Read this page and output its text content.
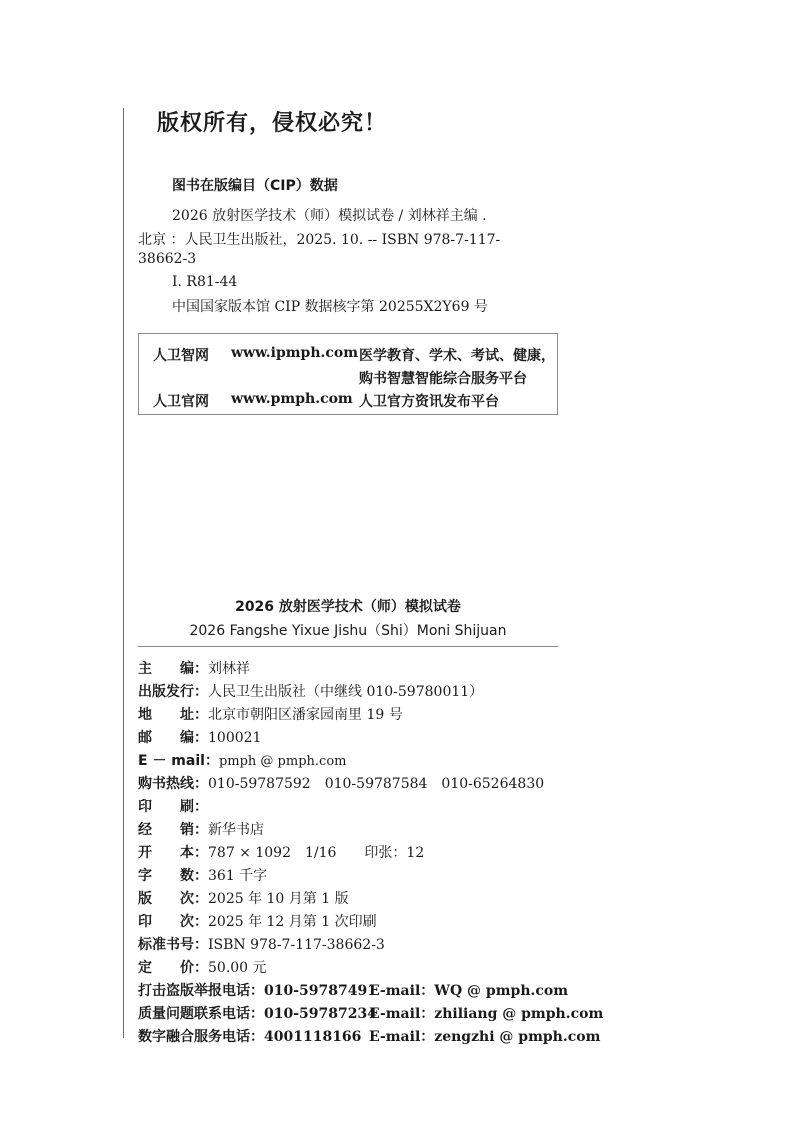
版权所有，侵权必究！
图书在版编目（CIP）数据
2026 放射医学技术（师）模拟试卷 / 刘林祥主编 .
北京 ：人民卫生出版社，2025. 10. -- ISBN 978-7-117-
38662-3
I. R81-44
中国国家版本馆 CIP 数据核字第 20255X2Y69 号
人卫智网 www.ipmph.com 医学教育、学术、考试、健康，
购书智慧智能综合服务平台
人卫官网 www.pmph.com 人卫官方资讯发布平台
2026 放射医学技术（师）模拟试卷
2026 Fangshe Yixue Jishu（Shi）Moni Shijuan
主　　编：刘林祥
出版发行：人民卫生出版社（中继线 010-59780011）
地　　址：北京市朝阳区潘家园南里 19 号
邮　　编：100021
E － mail：pmph @ pmph.com
购书热线：010-59787592　010-59787584　010-65264830
印　　刷：
经　　销：新华书店
开　　本：787 × 1092　1/16　　印张：12
字　　数：361 千字
版　　次：2025 年 10 月第 1 版
印　　次：2025 年 12 月第 1 次印刷
标准书号：ISBN 978-7-117-38662-3
定　　价：50.00 元
打击盗版举报电话：010-59787491
E-mail：WQ @ pmph.com
质量问题联系电话：010-59787234
E-mail：zhiliang @ pmph.com
数字融合服务电话：4001118166 E-mail：zengzhi @ pmph.com
